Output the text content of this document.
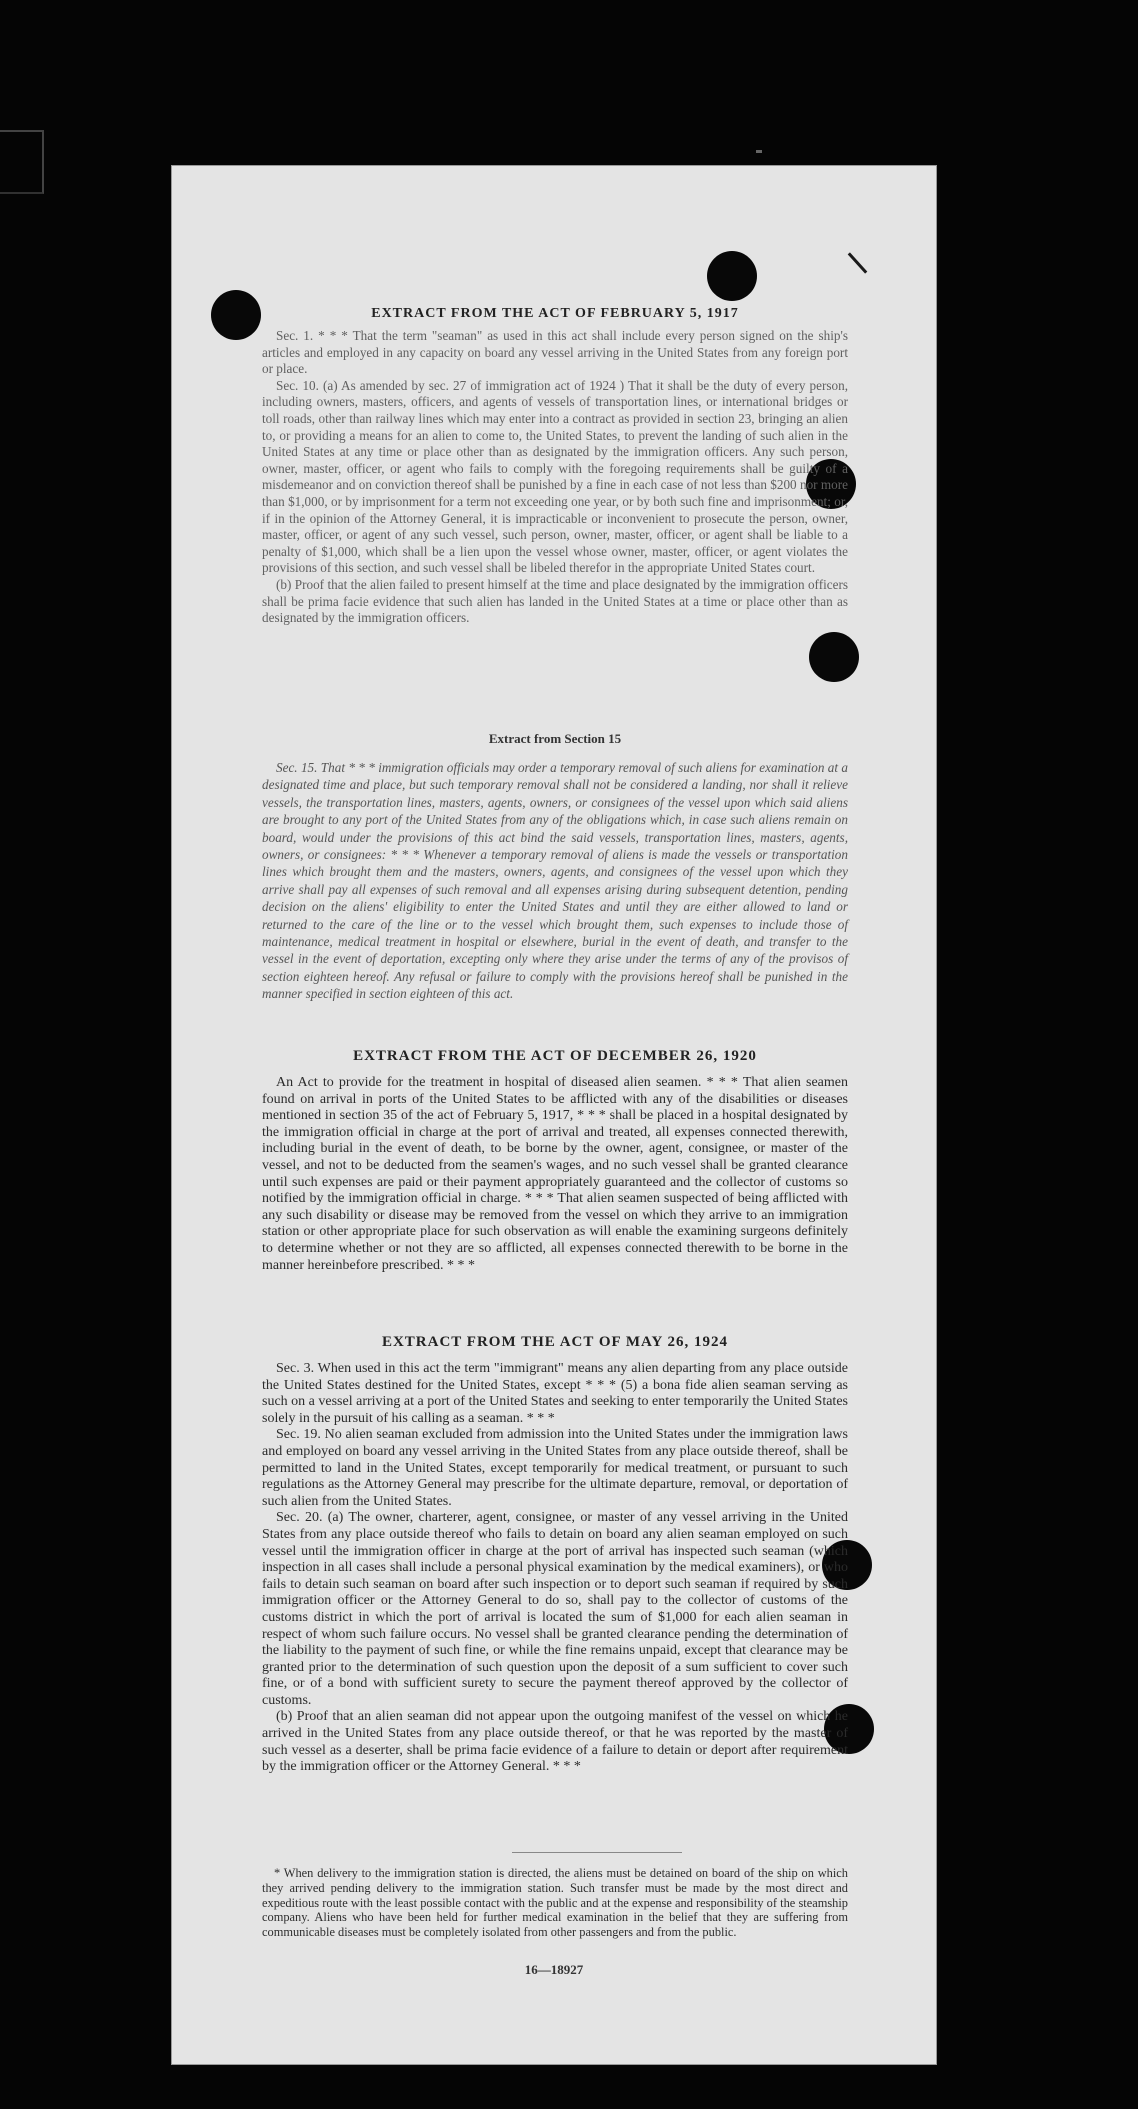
EXTRACT FROM THE ACT OF FEBRUARY 5, 1917

Sec. 1. * * * That the term "seaman" as used in this act shall include every person signed on the ship's articles and employed in any capacity on board any vessel arriving in the United States from any foreign port or place.

Sec. 10. (a) As amended by sec. 27 of immigration act of 1924 ) That it shall be the duty of every person, including owners, masters, officers, and agents of vessels of transportation lines, or international bridges or toll roads, other than railway lines which may enter into a contract as provided in section 23, bringing an alien to, or providing a means for an alien to come to, the United States, to prevent the landing of such alien in the United States at any time or place other than as designated by the immigration officers. Any such person, owner, master, officer, or agent who fails to comply with the foregoing requirements shall be guilty of a misdemeanor and on conviction thereof shall be punished by a fine in each case of not less than $200 nor more than $1,000, or by imprisonment for a term not exceeding one year, or by both such fine and imprisonment; or, if in the opinion of the Attorney General, it is impracticable or inconvenient to prosecute the person, owner, master, officer, or agent of any such vessel, such person, owner, master, officer, or agent shall be liable to a penalty of $1,000, which shall be a lien upon the vessel whose owner, master, officer, or agent violates the provisions of this section, and such vessel shall be libeled therefor in the appropriate United States court.

(b) Proof that the alien failed to present himself at the time and place designated by the immigration officers shall be prima facie evidence that such alien has landed in the United States at a time or place other than as designated by the immigration officers.

Extract from Section 15

Sec. 15. That * * * immigration officials may order a temporary removal of such aliens for examination at a designated time and place, but such temporary removal shall not be considered a landing, nor shall it relieve vessels, the transportation lines, masters, agents, owners, or consignees of the vessel upon which said aliens are brought to any port of the United States from any of the obligations which, in case such aliens remain on board, would under the provisions of this act bind the said vessels, transportation lines, masters, agents, owners, or consignees: * * * Whenever a temporary removal of aliens is made the vessels or transportation lines which brought them and the masters, owners, agents, and consignees of the vessel upon which they arrive shall pay all expenses of such removal and all expenses arising during subsequent detention, pending decision on the aliens' eligibility to enter the United States and until they are either allowed to land or returned to the care of the line or to the vessel which brought them, such expenses to include those of maintenance, medical treatment in hospital or elsewhere, burial in the event of death, and transfer to the vessel in the event of deportation, excepting only where they arise under the terms of any of the provisos of section eighteen hereof. Any refusal or failure to comply with the provisions hereof shall be punished in the manner specified in section eighteen of this act.

EXTRACT FROM THE ACT OF DECEMBER 26, 1920

An Act to provide for the treatment in hospital of diseased alien seamen. * * * That alien seamen found on arrival in ports of the United States to be afflicted with any of the disabilities or diseases mentioned in section 35 of the act of February 5, 1917, * * * shall be placed in a hospital designated by the immigration official in charge at the port of arrival and treated, all expenses connected therewith, including burial in the event of death, to be borne by the owner, agent, consignee, or master of the vessel, and not to be deducted from the seamen's wages, and no such vessel shall be granted clearance until such expenses are paid or their payment appropriately guaranteed and the collector of customs so notified by the immigration official in charge. * * * That alien seamen suspected of being afflicted with any such disability or disease may be removed from the vessel on which they arrive to an immigration station or other appropriate place for such observation as will enable the examining surgeons definitely to determine whether or not they are so afflicted, all expenses connected therewith to be borne in the manner hereinbefore prescribed. * * *

EXTRACT FROM THE ACT OF MAY 26, 1924

Sec. 3. When used in this act the term "immigrant" means any alien departing from any place outside the United States destined for the United States, except * * * (5) a bona fide alien seaman serving as such on a vessel arriving at a port of the United States and seeking to enter temporarily the United States solely in the pursuit of his calling as a seaman. * * *

Sec. 19. No alien seaman excluded from admission into the United States under the immigration laws and employed on board any vessel arriving in the United States from any place outside thereof, shall be permitted to land in the United States, except temporarily for medical treatment, or pursuant to such regulations as the Attorney General may prescribe for the ultimate departure, removal, or deportation of such alien from the United States.

Sec. 20. (a) The owner, charterer, agent, consignee, or master of any vessel arriving in the United States from any place outside thereof who fails to detain on board any alien seaman employed on such vessel until the immigration officer in charge at the port of arrival has inspected such seaman (which inspection in all cases shall include a personal physical examination by the medical examiners), or who fails to detain such seaman on board after such inspection or to deport such seaman if required by such immigration officer or the Attorney General to do so, shall pay to the collector of customs of the customs district in which the port of arrival is located the sum of $1,000 for each alien seaman in respect of whom such failure occurs. No vessel shall be granted clearance pending the determination of the liability to the payment of such fine, or while the fine remains unpaid, except that clearance may be granted prior to the determination of such question upon the deposit of a sum sufficient to cover such fine, or of a bond with sufficient surety to secure the payment thereof approved by the collector of customs.

(b) Proof that an alien seaman did not appear upon the outgoing manifest of the vessel on which he arrived in the United States from any place outside thereof, or that he was reported by the master of such vessel as a deserter, shall be prima facie evidence of a failure to detain or deport after requirement by the immigration officer or the Attorney General. * * *

* When delivery to the immigration station is directed, the aliens must be detained on board of the ship on which they arrived pending delivery to the immigration station. Such transfer must be made by the most direct and expeditious route with the least possible contact with the public and at the expense and responsibility of the steamship company. Aliens who have been held for further medical examination in the belief that they are suffering from communicable diseases must be completely isolated from other passengers and from the public.

16—18927
